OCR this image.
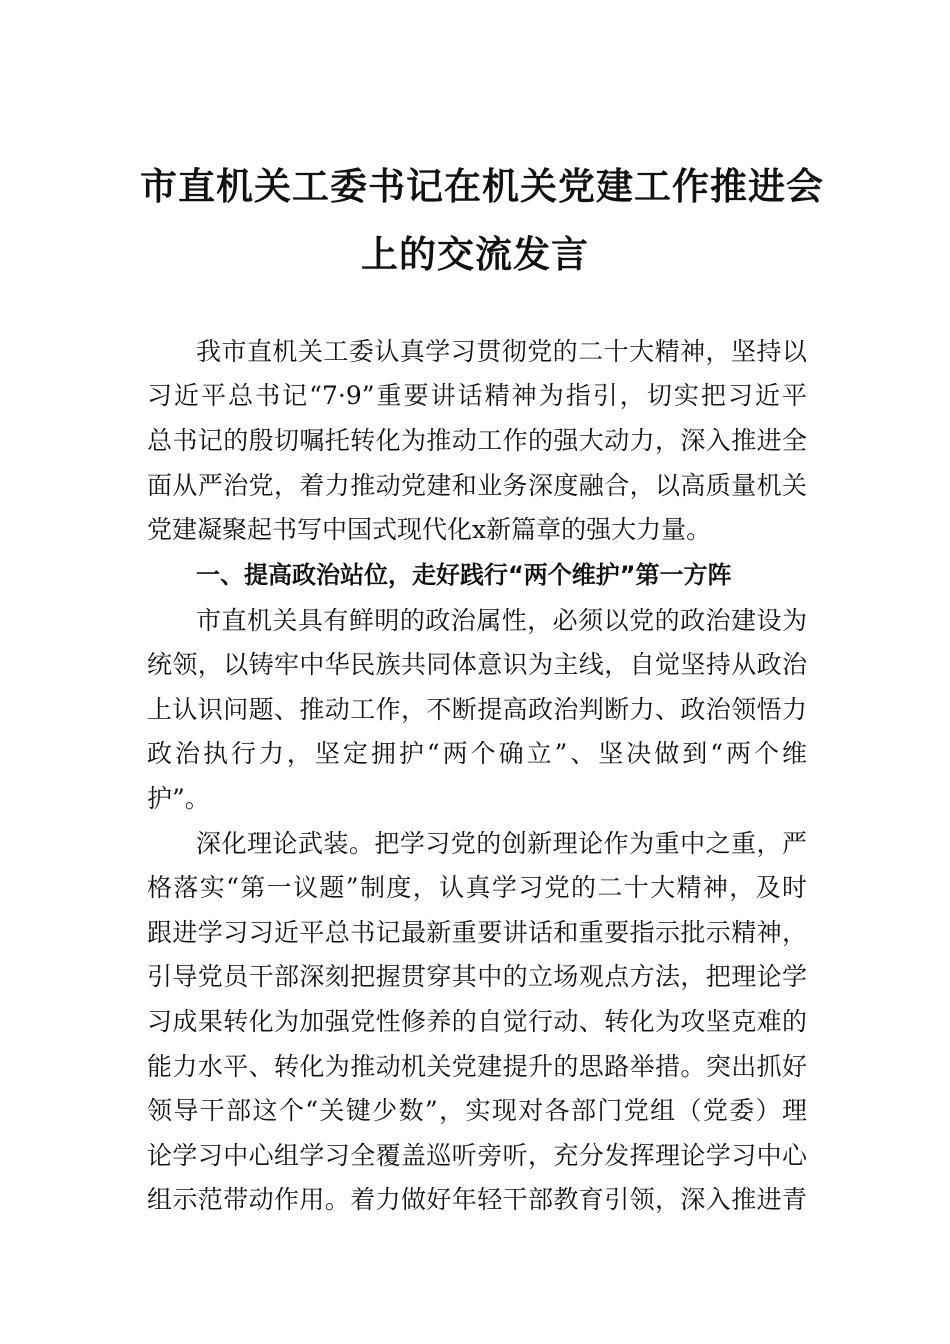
市直机关工委书记在机关党建工作推进会
上的交流发言
我市直机关工委认真学习贯彻党的二十大精神，坚持以
习近平总书记“7·9”重要讲话精神为指引，切实把习近平
总书记的殷切嘱托转化为推动工作的强大动力，深入推进全
面从严治党，着力推动党建和业务深度融合，以高质量机关
党建凝聚起书写中国式现代化x新篇章的强大力量。
一、提高政治站位，走好践行“两个维护”第一方阵
市直机关具有鲜明的政治属性，必须以党的政治建设为
统领，以铸牢中华民族共同体意识为主线，自觉坚持从政治
上认识问题、推动工作，不断提高政治判断力、政治领悟力
政治执行力，坚定拥护“两个确立”、坚决做到“两个维
护”。
深化理论武装。把学习党的创新理论作为重中之重，严
格落实“第一议题”制度，认真学习党的二十大精神，及时
跟进学习习近平总书记最新重要讲话和重要指示批示精神，
引导党员干部深刻把握贯穿其中的立场观点方法，把理论学
习成果转化为加强党性修养的自觉行动、转化为攻坚克难的
能力水平、转化为推动机关党建提升的思路举措。突出抓好
领导干部这个“关键少数”，实现对各部门党组（党委）理
论学习中心组学习全覆盖巡听旁听，充分发挥理论学习中心
组示范带动作用。着力做好年轻干部教育引领，深入推进青
